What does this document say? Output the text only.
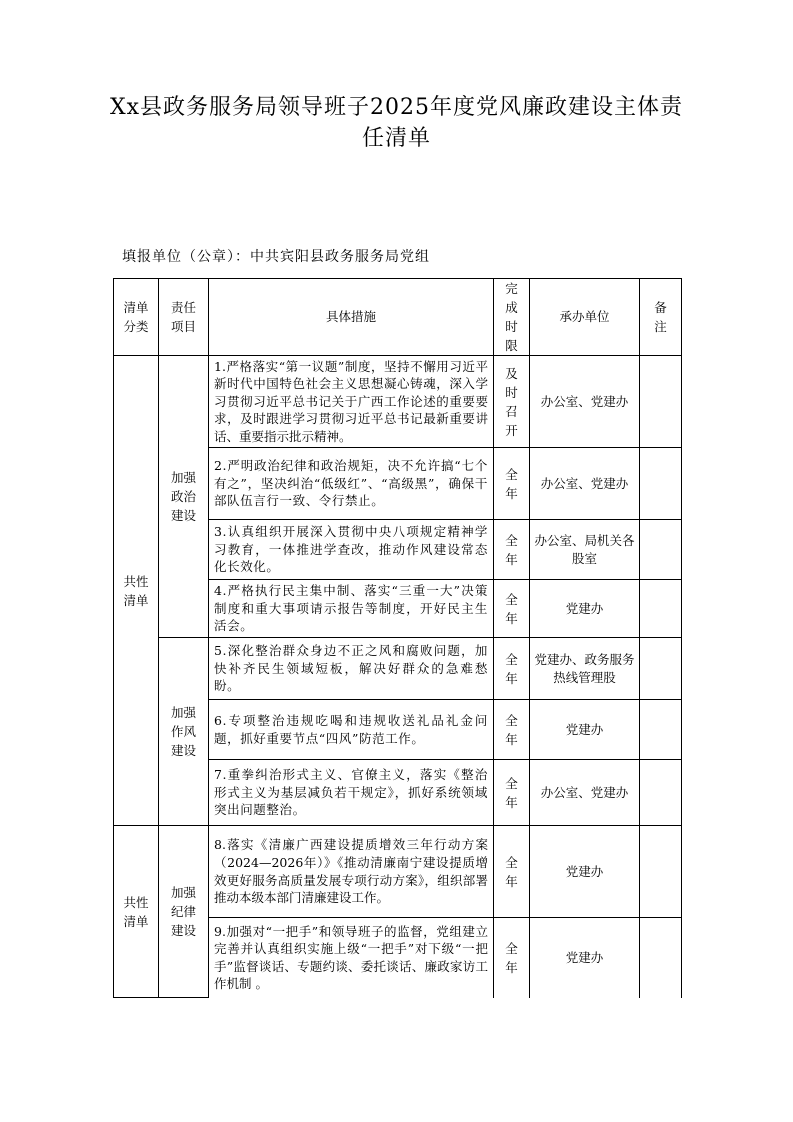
Xx县政务服务局领导班子2025年度党风廉政建设主体责任清单
填报单位（公章）：中共宾阳县政务服务局党组
清单分类	责任项目	具体措施	完成时限	承办单位	备注
共性清单	加强政治建设	1.严格落实“第一议题”制度，坚持不懈用习近平新时代中国特色社会主义思想凝心铸魂，深入学习贯彻习近平总书记关于广西工作论述的重要要求，及时跟进学习贯彻习近平总书记最新重要讲话、重要指示批示精神。	及时召开	办公室、党建办	
		2.严明政治纪律和政治规矩，决不允许搞“七个有之”，坚决纠治“低级红”、“高级黑”，确保干部队伍言行一致、令行禁止。	全年	办公室、党建办	
		3.认真组织开展深入贯彻中央八项规定精神学习教育，一体推进学查改，推动作风建设常态化长效化。	全年	办公室、局机关各股室	
		4.严格执行民主集中制、落实“三重一大”决策制度和重大事项请示报告等制度，开好民主生活会。	全年	党建办	
	加强作风建设	5.深化整治群众身边不正之风和腐败问题，加快补齐民生领域短板，解决好群众的急难愁盼。	全年	党建办、政务服务热线管理股	
		6.专项整治违规吃喝和违规收送礼品礼金问题，抓好重要节点“四风”防范工作。	全年	党建办	
		7.重拳纠治形式主义、官僚主义，落实《整治形式主义为基层减负若干规定》，抓好系统领域突出问题整治。	全年	办公室、党建办	
共性清单	加强纪律建设	8.落实《清廉广西建设提质增效三年行动方案（2024—2026年）》《推动清廉南宁建设提质增效更好服务高质量发展专项行动方案》，组织部署推动本级本部门清廉建设工作。	全年	党建办	
		9.加强对“一把手”和领导班子的监督，党组建立完善并认真组织实施上级“一把手”对下级“一把手”监督谈话、专题约谈、委托谈话、廉政家访工作机制 。	全年	党建办	
